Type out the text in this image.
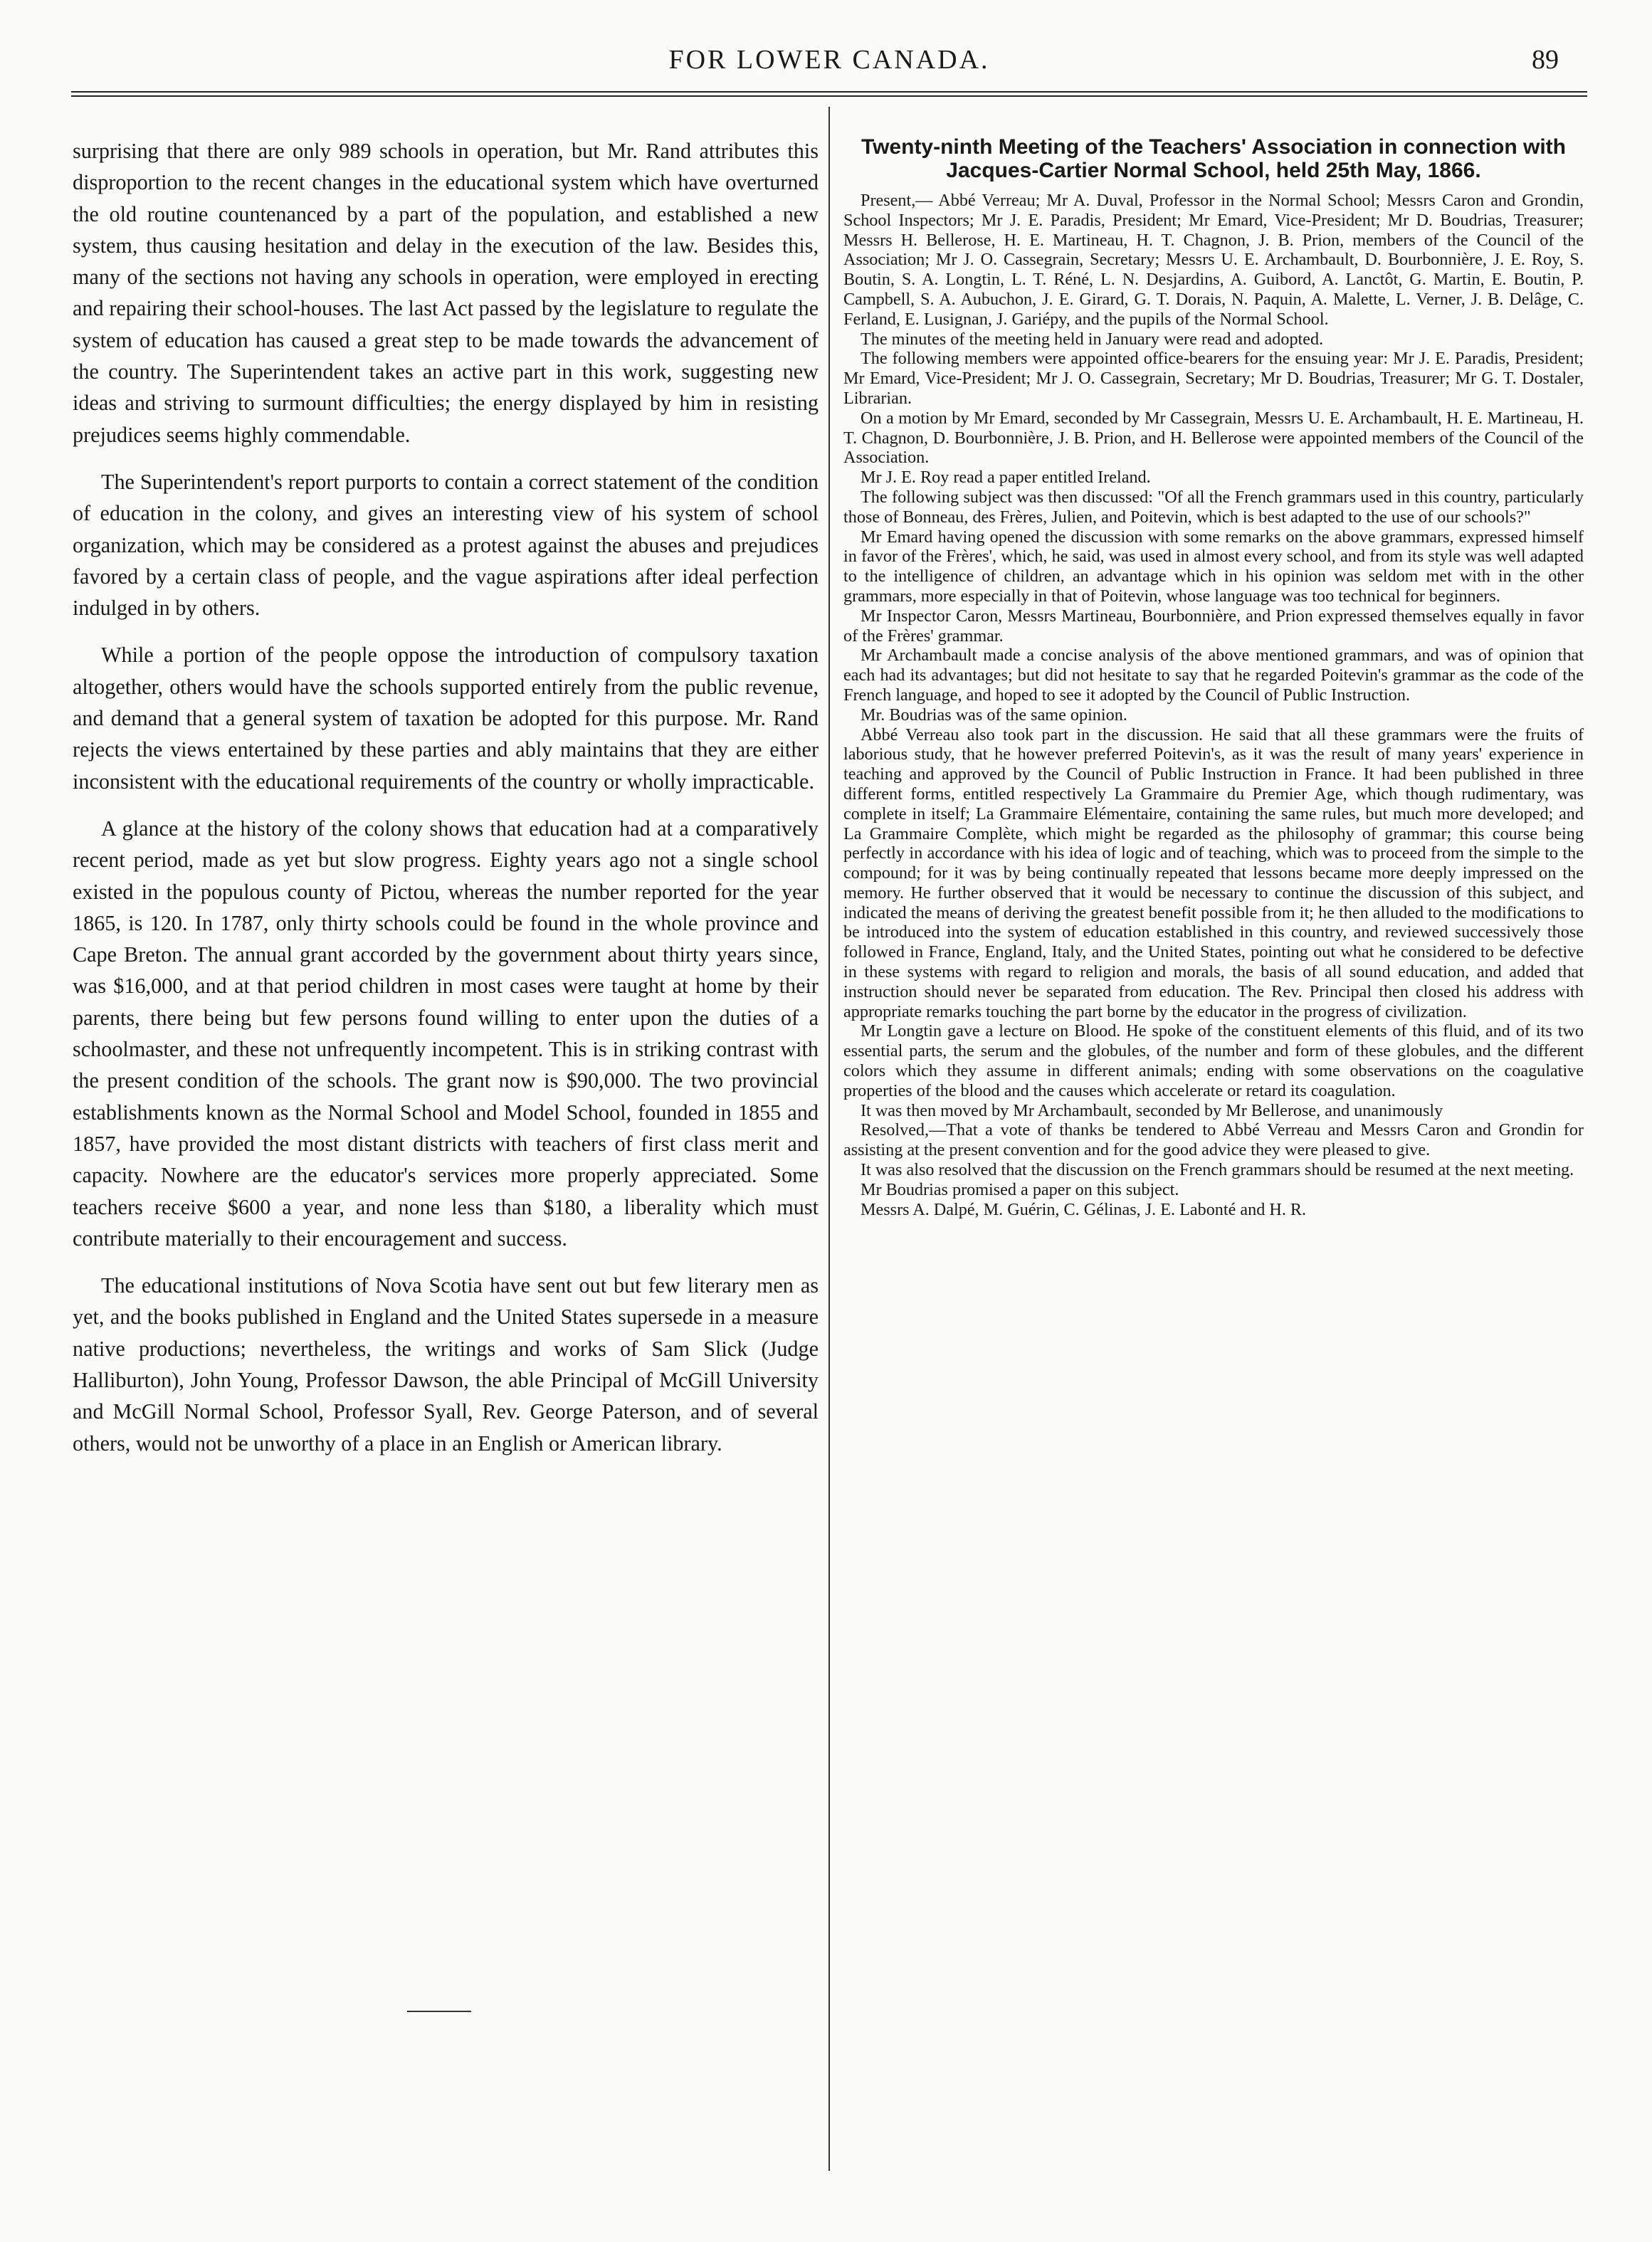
FOR LOWER CANADA.	89

surprising that there are only 989 schools in operation, but Mr. Rand attributes this disproportion to the recent changes in the educational system which have overturned the old routine countenanced by a part of the population, and established a new system, thus causing hesitation and delay in the execution of the law. Besides this, many of the sections not having any schools in operation, were employed in erecting and repairing their school-houses. The last Act passed by the legislature to regulate the system of education has caused a great step to be made towards the advancement of the country. The Superintendent takes an active part in this work, suggesting new ideas and striving to surmount difficulties; the energy displayed by him in resisting prejudices seems highly commendable.

The Superintendent's report purports to contain a correct statement of the condition of education in the colony, and gives an interesting view of his system of school organization, which may be considered as a protest against the abuses and prejudices favored by a certain class of people, and the vague aspirations after ideal perfection indulged in by others.

While a portion of the people oppose the introduction of compulsory taxation altogether, others would have the schools supported entirely from the public revenue, and demand that a general system of taxation be adopted for this purpose. Mr. Rand rejects the views entertained by these parties and ably maintains that they are either inconsistent with the educational requirements of the country or wholly impracticable.

A glance at the history of the colony shows that education had at a comparatively recent period, made as yet but slow progress. Eighty years ago not a single school existed in the populous county of Pictou, whereas the number reported for the year 1865, is 120. In 1787, only thirty schools could be found in the whole province and Cape Breton. The annual grant accorded by the government about thirty years since, was $16,000, and at that period children in most cases were taught at home by their parents, there being but few persons found willing to enter upon the duties of a schoolmaster, and these not unfrequently incompetent. This is in striking contrast with the present condition of the schools. The grant now is $90,000. The two provincial establishments known as the Normal School and Model School, founded in 1855 and 1857, have provided the most distant districts with teachers of first class merit and capacity. Nowhere are the educator's services more properly appreciated. Some teachers receive $600 a year, and none less than $180, a liberality which must contribute materially to their encouragement and success.

The educational institutions of Nova Scotia have sent out but few literary men as yet, and the books published in England and the United States supersede in a measure native productions; nevertheless, the writings and works of Sam Slick (Judge Halliburton), John Young, Professor Dawson, the able Principal of McGill University and McGill Normal School, Professor Syall, Rev. George Paterson, and of several others, would not be unworthy of a place in an English or American library.

Twenty-ninth Meeting of the Teachers' Association in connection with Jacques-Cartier Normal School, held 25th May, 1866.

Present,— Abbé Verreau; Mr A. Duval, Professor in the Normal School; Messrs Caron and Grondin, School Inspectors; Mr J. E. Paradis, President; Mr Emard, Vice-President; Mr D. Boudrias, Treasurer; Messrs H. Bellerose, H. E. Martineau, H. T. Chagnon, J. B. Prion, members of the Council of the Association; Mr J. O. Cassegrain, Secretary; Messrs U. E. Archambault, D. Bourbonnière, J. E. Roy, S. Boutin, S. A. Longtin, L. T. Réné, L. N. Desjardins, A. Guibord, A. Lanctôt, G. Martin, E. Boutin, P. Campbell, S. A. Aubuchon, J. E. Girard, G. T. Dorais, N. Paquin, A. Malette, L. Verner, J. B. Delâge, C. Ferland, E. Lusignan, J. Gariépy, and the pupils of the Normal School.

The minutes of the meeting held in January were read and adopted.

The following members were appointed office-bearers for the ensuing year: Mr J. E. Paradis, President; Mr Emard, Vice-President; Mr J. O. Cassegrain, Secretary; Mr D. Boudrias, Treasurer; Mr G. T. Dostaler, Librarian.

On a motion by Mr Emard, seconded by Mr Cassegrain, Messrs U. E. Archambault, H. E. Martineau, H. T. Chagnon, D. Bourbonnière, J. B. Prion, and H. Bellerose were appointed members of the Council of the Association.

Mr J. E. Roy read a paper entitled Ireland.

The following subject was then discussed: "Of all the French grammars used in this country, particularly those of Bonneau, des Frères, Julien, and Poitevin, which is best adapted to the use of our schools?"

Mr Emard having opened the discussion with some remarks on the above grammars, expressed himself in favor of the Frères', which, he said, was used in almost every school, and from its style was well adapted to the intelligence of children, an advantage which in his opinion was seldom met with in the other grammars, more especially in that of Poitevin, whose language was too technical for beginners.

Mr Inspector Caron, Messrs Martineau, Bourbonnière, and Prion expressed themselves equally in favor of the Frères' grammar.

Mr Archambault made a concise analysis of the above mentioned grammars, and was of opinion that each had its advantages; but did not hesitate to say that he regarded Poitevin's grammar as the code of the French language, and hoped to see it adopted by the Council of Public Instruction.

Mr. Boudrias was of the same opinion.

Abbé Verreau also took part in the discussion. He said that all these grammars were the fruits of laborious study, that he however preferred Poitevin's, as it was the result of many years' experience in teaching and approved by the Council of Public Instruction in France. It had been published in three different forms, entitled respectively La Grammaire du Premier Age, which though rudimentary, was complete in itself; La Grammaire Elémentaire, containing the same rules, but much more developed; and La Grammaire Complète, which might be regarded as the philosophy of grammar; this course being perfectly in accordance with his idea of logic and of teaching, which was to proceed from the simple to the compound; for it was by being continually repeated that lessons became more deeply impressed on the memory. He further observed that it would be necessary to continue the discussion of this subject, and indicated the means of deriving the greatest benefit possible from it; he then alluded to the modifications to be introduced into the system of education established in this country, and reviewed successively those followed in France, England, Italy, and the United States, pointing out what he considered to be defective in these systems with regard to religion and morals, the basis of all sound education, and added that instruction should never be separated from education. The Rev. Principal then closed his address with appropriate remarks touching the part borne by the educator in the progress of civilization.

Mr Longtin gave a lecture on Blood. He spoke of the constituent elements of this fluid, and of its two essential parts, the serum and the globules, of the number and form of these globules, and the different colors which they assume in different animals; ending with some observations on the coagulative properties of the blood and the causes which accelerate or retard its coagulation.

It was then moved by Mr Archambault, seconded by Mr Bellerose, and unanimously

Resolved,—That a vote of thanks be tendered to Abbé Verreau and Messrs Caron and Grondin for assisting at the present convention and for the good advice they were pleased to give.

It was also resolved that the discussion on the French grammars should be resumed at the next meeting.

Mr Boudrias promised a paper on this subject.

Messrs A. Dalpé, M. Guérin, C. Gélinas, J. E. Labonté and H. R.
